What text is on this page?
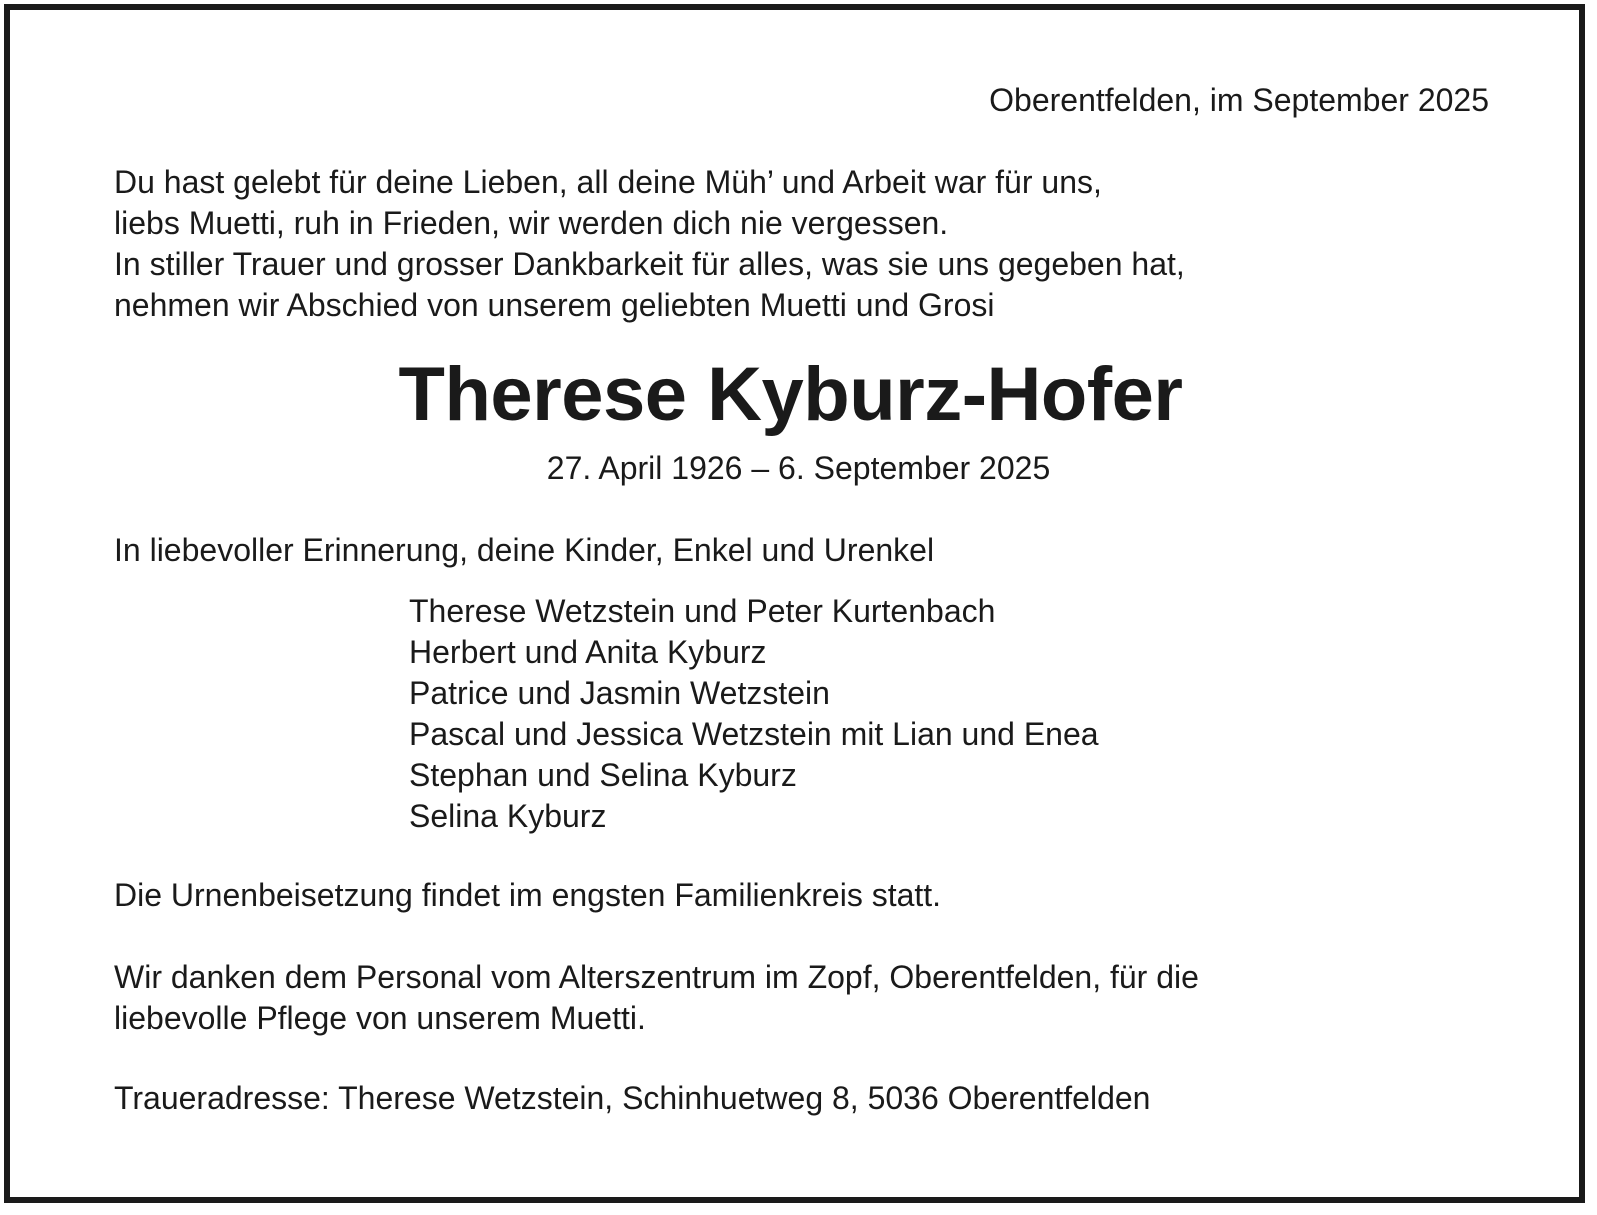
Oberentfelden, im September 2025
Du hast gelebt für deine Lieben, all deine Müh’ und Arbeit war für uns,
liebs Muetti, ruh in Frieden, wir werden dich nie vergessen.
In stiller Trauer und grosser Dankbarkeit für alles, was sie uns gegeben hat,
nehmen wir Abschied von unserem geliebten Muetti und Grosi
Therese Kyburz-Hofer
27. April 1926 – 6. September 2025
In liebevoller Erinnerung, deine Kinder, Enkel und Urenkel
Therese Wetzstein und Peter Kurtenbach
Herbert und Anita Kyburz
Patrice und Jasmin Wetzstein
Pascal und Jessica Wetzstein mit Lian und Enea
Stephan und Selina Kyburz
Selina Kyburz
Die Urnenbeisetzung findet im engsten Familienkreis statt.
Wir danken dem Personal vom Alterszentrum im Zopf, Oberentfelden, für die
liebevolle Pflege von unserem Muetti.
Traueradresse: Therese Wetzstein, Schinhuetweg 8, 5036 Oberentfelden
